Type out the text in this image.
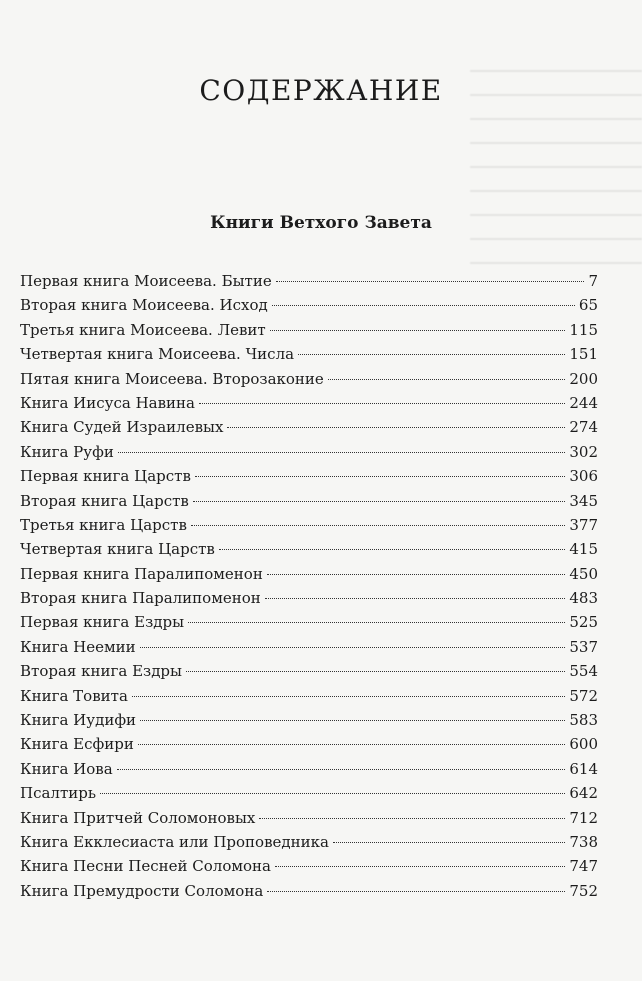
СОДЕРЖАНИЕ
Книги Ветхого Завета
Первая книга Моисеева. Бытие	7
Вторая книга Моисеева. Исход	65
Третья книга Моисеева. Левит	115
Четвертая книга Моисеева. Числа	151
Пятая книга Моисеева. Второзаконие	200
Книга Иисуса Навина	244
Книга Судей Израилевых	274
Книга Руфи	302
Первая книга Царств	306
Вторая книга Царств	345
Третья книга Царств	377
Четвертая книга Царств	415
Первая книга Паралипоменон	450
Вторая книга Паралипоменон	483
Первая книга Ездры	525
Книга Неемии	537
Вторая книга Ездры	554
Книга Товита	572
Книга Иудифи	583
Книга Есфири	600
Книга Иова	614
Псалтирь	642
Книга Притчей Соломоновых	712
Книга Екклесиаста или Проповедника	738
Книга Песни Песней Соломона	747
Книга Премудрости Соломона	752
